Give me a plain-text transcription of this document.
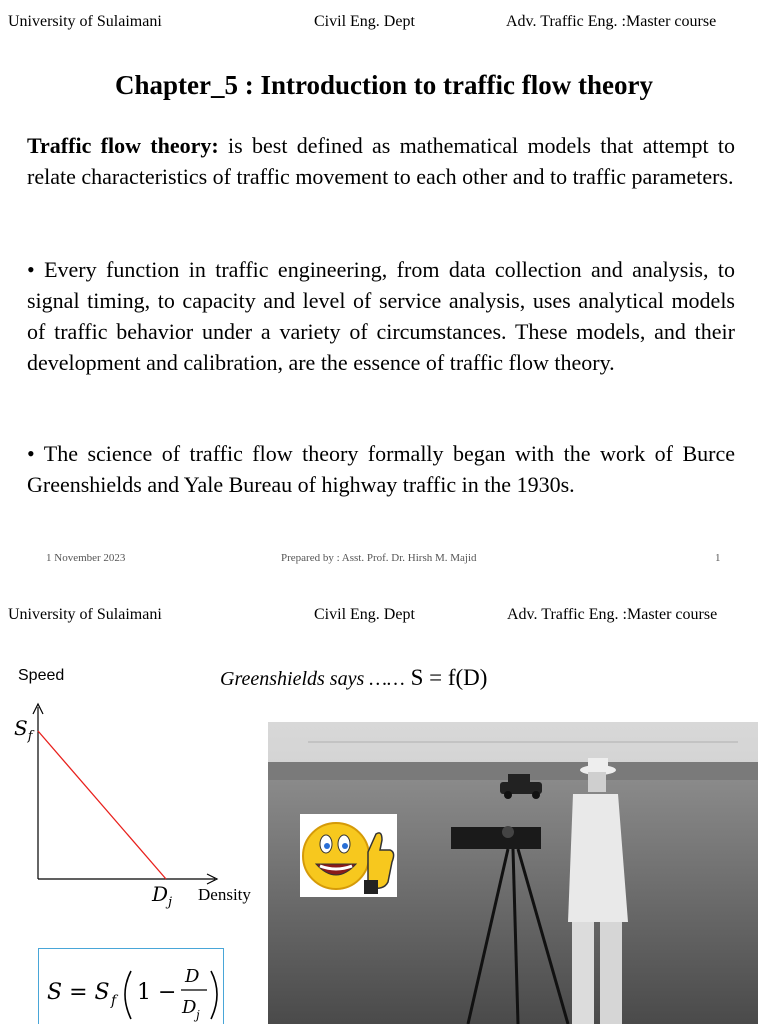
University of Sulaimani	Civil Eng. Dept	Adv. Traffic Eng. :Master course
Chapter_5 : Introduction to traffic flow theory
Traffic flow theory: is best defined as mathematical models that attempt to relate characteristics of traffic movement to each other and to traffic parameters.
• Every function in traffic engineering, from data collection and analysis, to signal timing, to capacity and level of service analysis, uses analytical models of traffic behavior under a variety of circumstances. These models, and their development and calibration, are the essence of traffic flow theory.
• The science of traffic flow theory formally began with the work of Burce Greenshields and Yale Bureau of highway traffic in the 1930s.
1 November 2023	Prepared by : Asst. Prof. Dr. Hirsh M. Majid	1
University of Sulaimani	Civil Eng. Dept	Adv. Traffic Eng. :Master course
Speed
$S_f$
$D_j$ Density
Greenshields says …… S = f(D)
S = S f 1 −
D
D j
